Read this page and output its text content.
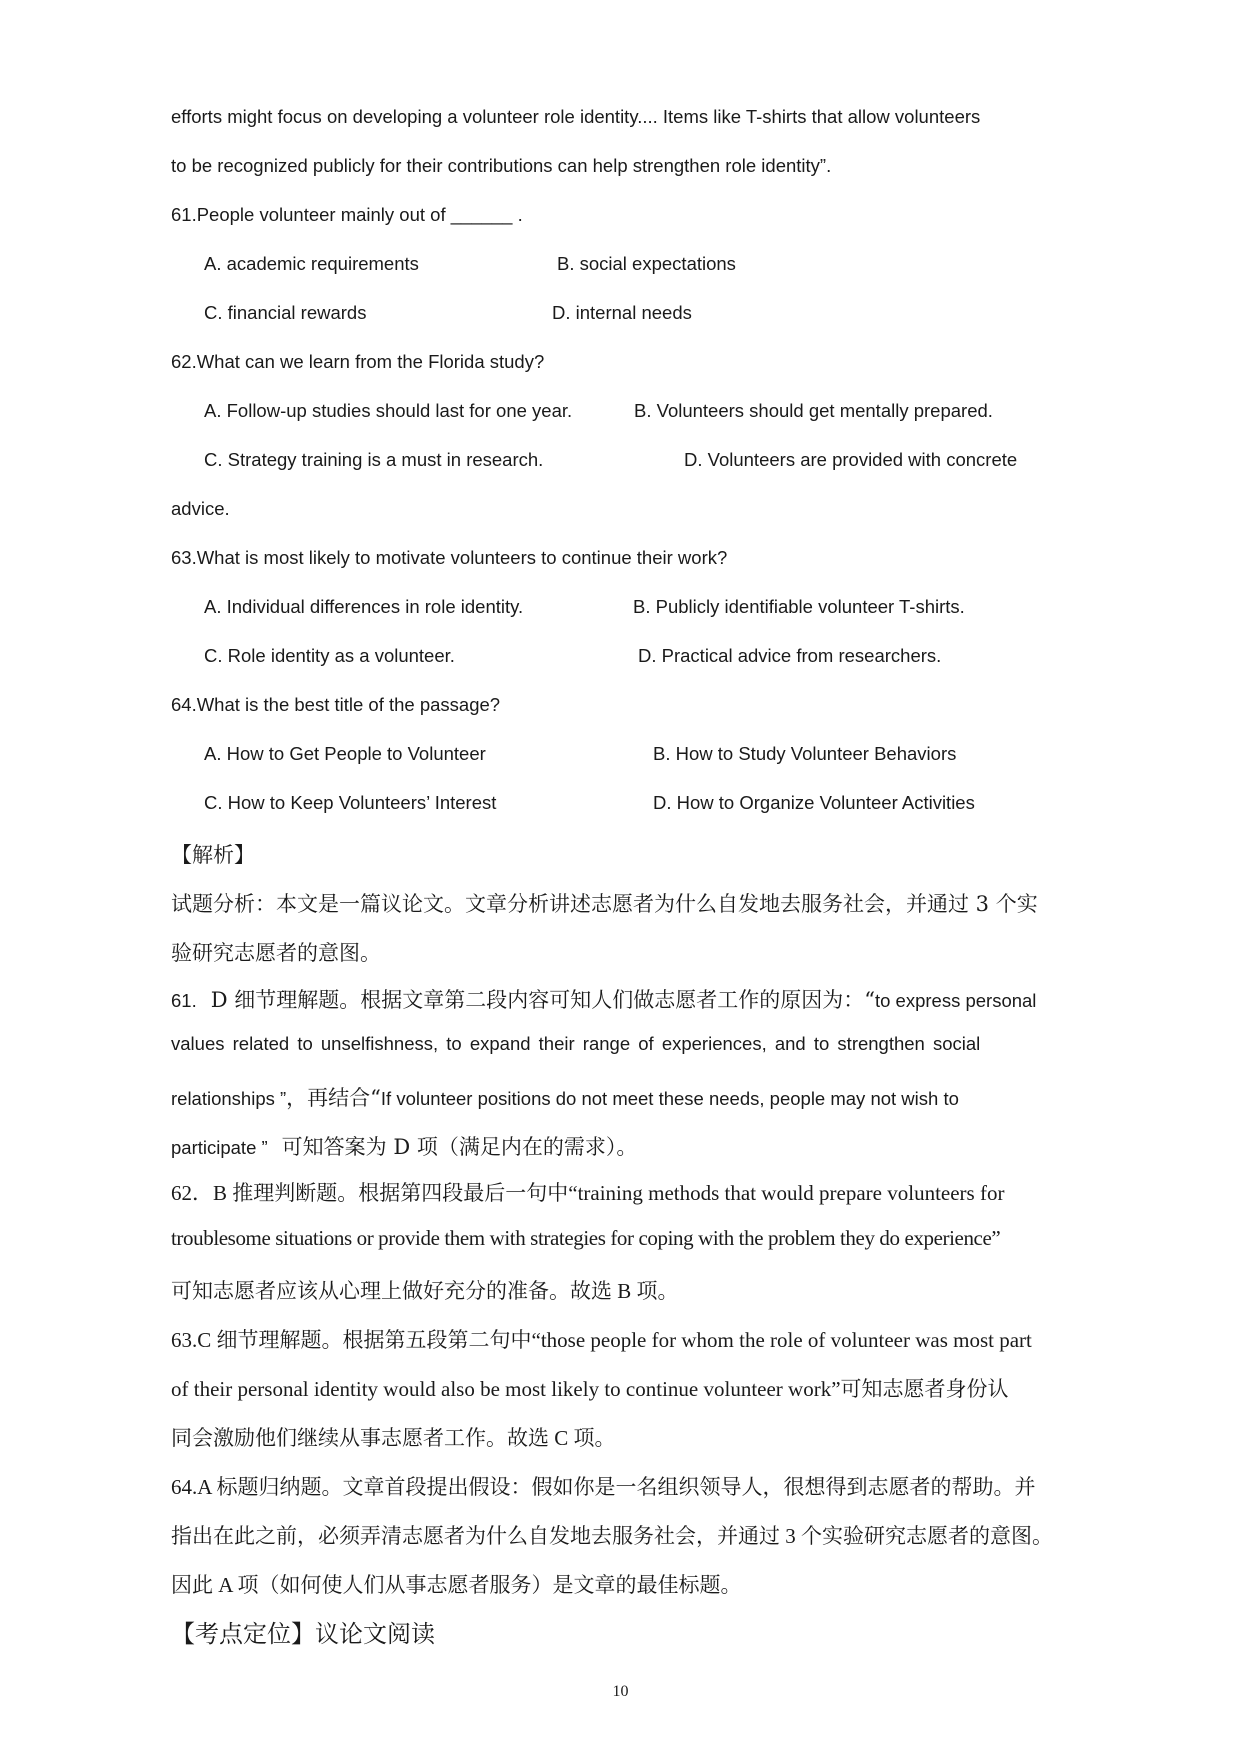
efforts might focus on developing a volunteer role identity.... Items like T-shirts that allow volunteers
to be recognized publicly for their contributions can help strengthen role identity”.
61.People volunteer mainly out of ______ .
A. academic requirements	B. social expectations
C. financial rewards	D. internal needs
62.What can we learn from the Florida study?
A. Follow-up studies should last for one year.	B. Volunteers should get mentally prepared.
C. Strategy training is a must in research.	D. Volunteers are provided with concrete
advice.
63.What is most likely to motivate volunteers to continue their work?
A. Individual differences in role identity.	B. Publicly identifiable volunteer T-shirts.
C. Role identity as a volunteer.	D. Practical advice from researchers.
64.What is the best title of the passage?
A. How to Get People to Volunteer	B. How to Study Volunteer Behaviors
C. How to Keep Volunteers’ Interest	D. How to Organize Volunteer Activities
【解析】
试题分析：本文是一篇议论文。文章分析讲述志愿者为什么自发地去服务社会，并通过 3 个实
验研究志愿者的意图。
61. D 细节理解题。根据文章第二段内容可知人们做志愿者工作的原因为：“to express personal
values related to unselfishness, to expand their range of experiences, and to strengthen social
relationships ”，再结合“If volunteer positions do not meet these needs, people may not wish to
participate ” 可知答案为 D 项（满足内在的需求）。
62．B 推理判断题。根据第四段最后一句中“training methods that would prepare volunteers for
troublesome situations or provide them with strategies for coping with the problem they do experience”
可知志愿者应该从心理上做好充分的准备。故选 B 项。
63.C 细节理解题。根据第五段第二句中“those people for whom the role of volunteer was most part
of their personal identity would also be most likely to continue volunteer work”可知志愿者身份认
同会激励他们继续从事志愿者工作。故选 C 项。
64.A 标题归纳题。文章首段提出假设：假如你是一名组织领导人，很想得到志愿者的帮助。并
指出在此之前，必须弄清志愿者为什么自发地去服务社会，并通过 3 个实验研究志愿者的意图。
因此 A 项（如何使人们从事志愿者服务）是文章的最佳标题。
【考点定位】议论文阅读
10
